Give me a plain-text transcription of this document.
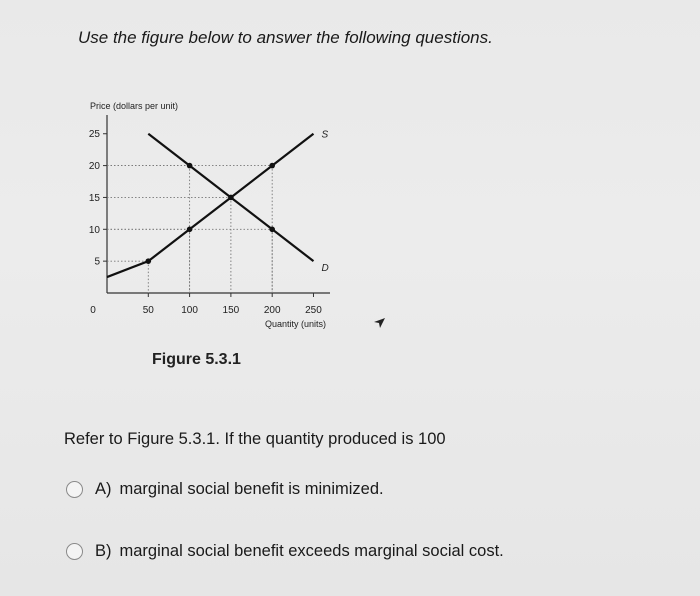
Use the figure below to answer the following questions.
Price (dollars per unit)
5
10
15
20
25
0	50	100 150 200 250
Quantity (units)
S
D
Figure 5.3.1
Refer to Figure 5.3.1. If the quantity produced is 100
A) marginal social benefit is minimized.
B) marginal social benefit exceeds marginal social cost.
